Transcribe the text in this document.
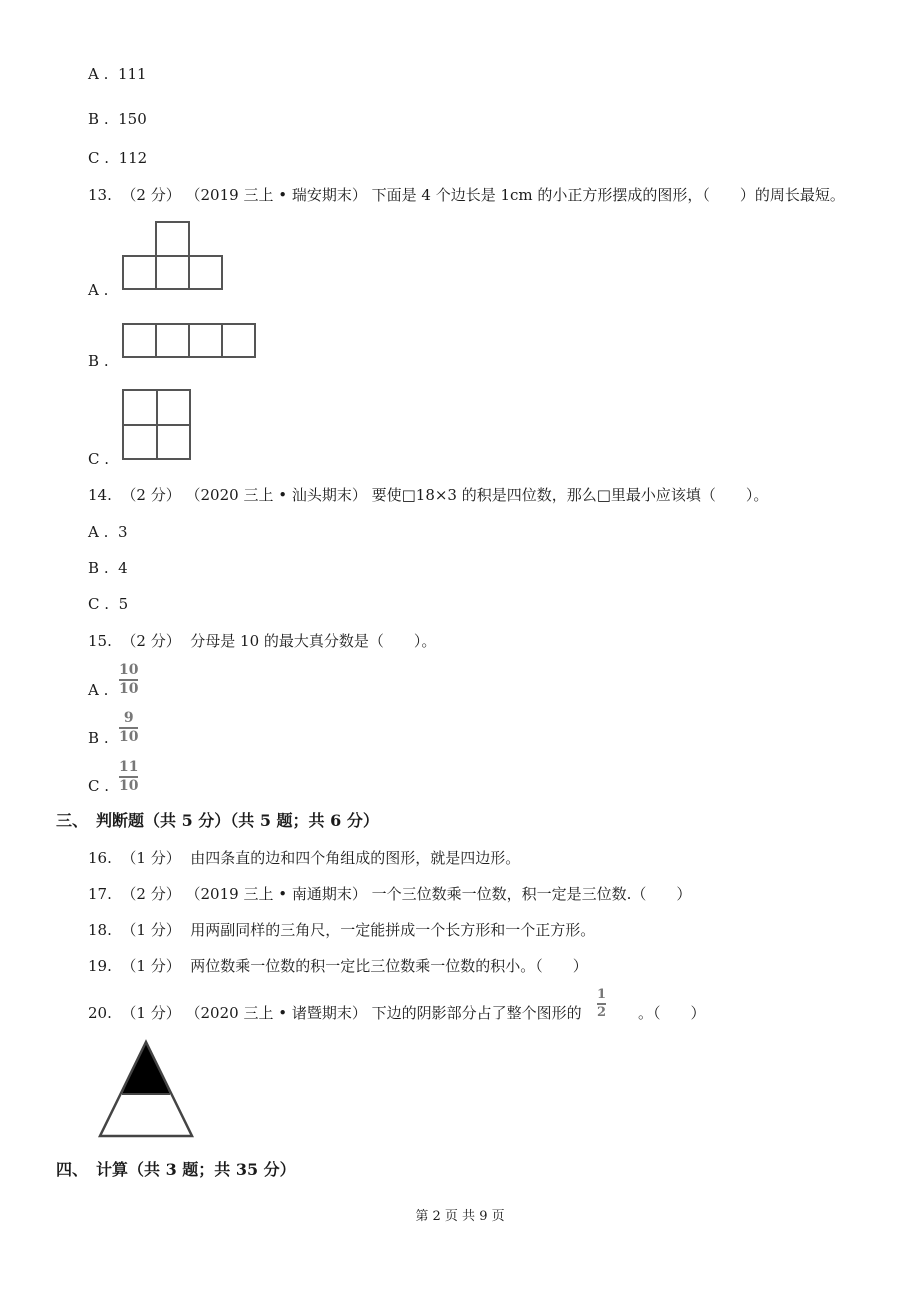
A . 111
B . 150
C . 112
13. （2 分） （2019 三上 • 瑞安期末） 下面是 4 个边长是 1cm 的小正方形摆成的图形，（　　）的周长最短。
A .
B .
C .
14. （2 分） （2020 三上 • 汕头期末） 要使□18×3 的积是四位数，那么□里最小应该填（　　）。
A . 3
B . 4
C . 5
15. （2 分） 分母是 10 的最大真分数是（　　）。
A .
10
10
B .
9
10
C .
11
10
三、　判断题（共 5 分）（共 5 题；共 6 分）
16. （1 分） 由四条直的边和四个角组成的图形，就是四边形。
17. （2 分） （2019 三上 • 南通期末） 一个三位数乘一位数，积一定是三位数.（　　）
18. （1 分） 用两副同样的三角尺，一定能拼成一个长方形和一个正方形。
19. （1 分） 两位数乘一位数的积一定比三位数乘一位数的积小。（　　）
20. （1 分） （2020 三上 • 诸暨期末） 下边的阴影部分占了整个图形的
1
2 。（　　）
四、　计算（共 3 题；共 35 分）
第 2 页 共 9 页
